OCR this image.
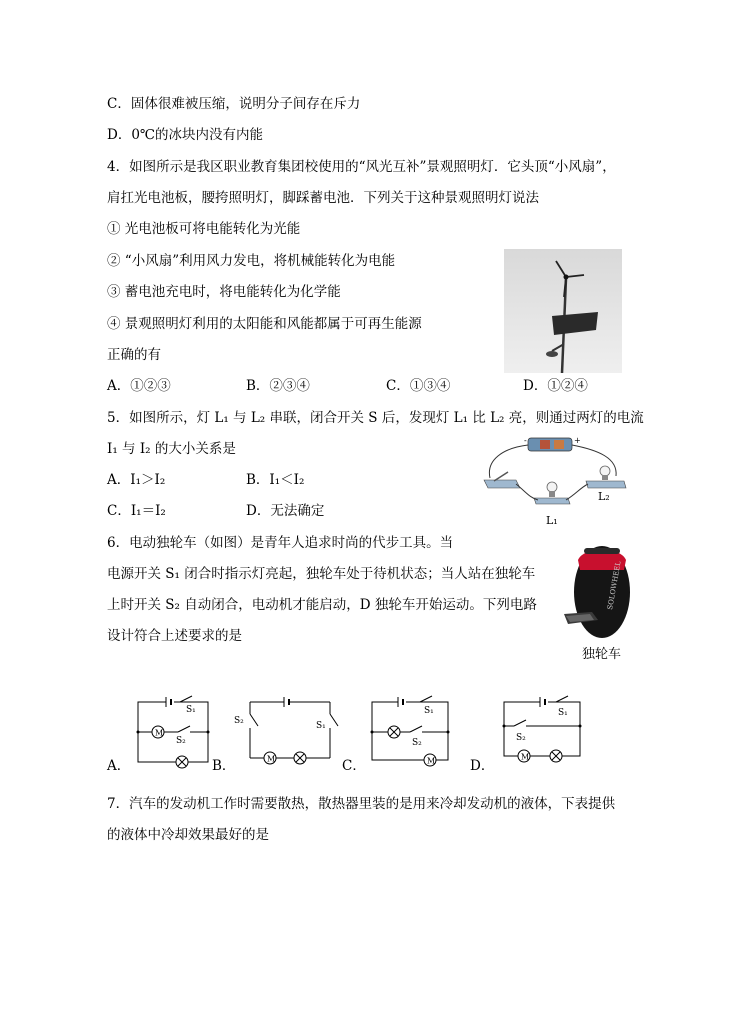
C．固体很难被压缩，说明分子间存在斥力
D．0℃的冰块内没有内能
4．如图所示是我区职业教育集团校使用的“风光互补”景观照明灯．它头顶“小风扇”，
肩扛光电池板，腰挎照明灯，脚踩蓄电池．下列关于这种景观照明灯说法
① 光电池板可将电能转化为光能
② “小风扇”利用风力发电，将机械能转化为电能
③ 蓄电池充电时，将电能转化为化学能
④ 景观照明灯利用的太阳能和风能都属于可再生能源
正确的有
A．①②③	B．②③④	C．①③④	D．①②④
5．如图所示，灯 L₁ 与 L₂ 串联，闭合开关 S 后，发现灯 L₁ 比 L₂ 亮，则通过两灯的电流
I₁ 与 I₂ 的大小关系是
A．I₁＞I₂	B．I₁＜I₂
C．I₁＝I₂	D．无法确定
-	+
L₂
L₁
6．电动独轮车（如图）是青年人追求时尚的代步工具。当
电源开关 S₁ 闭合时指示灯亮起，独轮车处于待机状态；当人站在独轮车
上时开关 S₂ 自动闭合，电动机才能启动，D 独轮车开始运动。下列电路
设计符合上述要求的是
SOLOWHEEL
独轮车
M
S₁
S₂
A．	M
S₂	S₁
B．	M
S₁
S₂
C．
M
S₁
S₂
D．
7．汽车的发动机工作时需要散热，散热器里装的是用来冷却发动机的液体，下表提供
的液体中冷却效果最好的是
